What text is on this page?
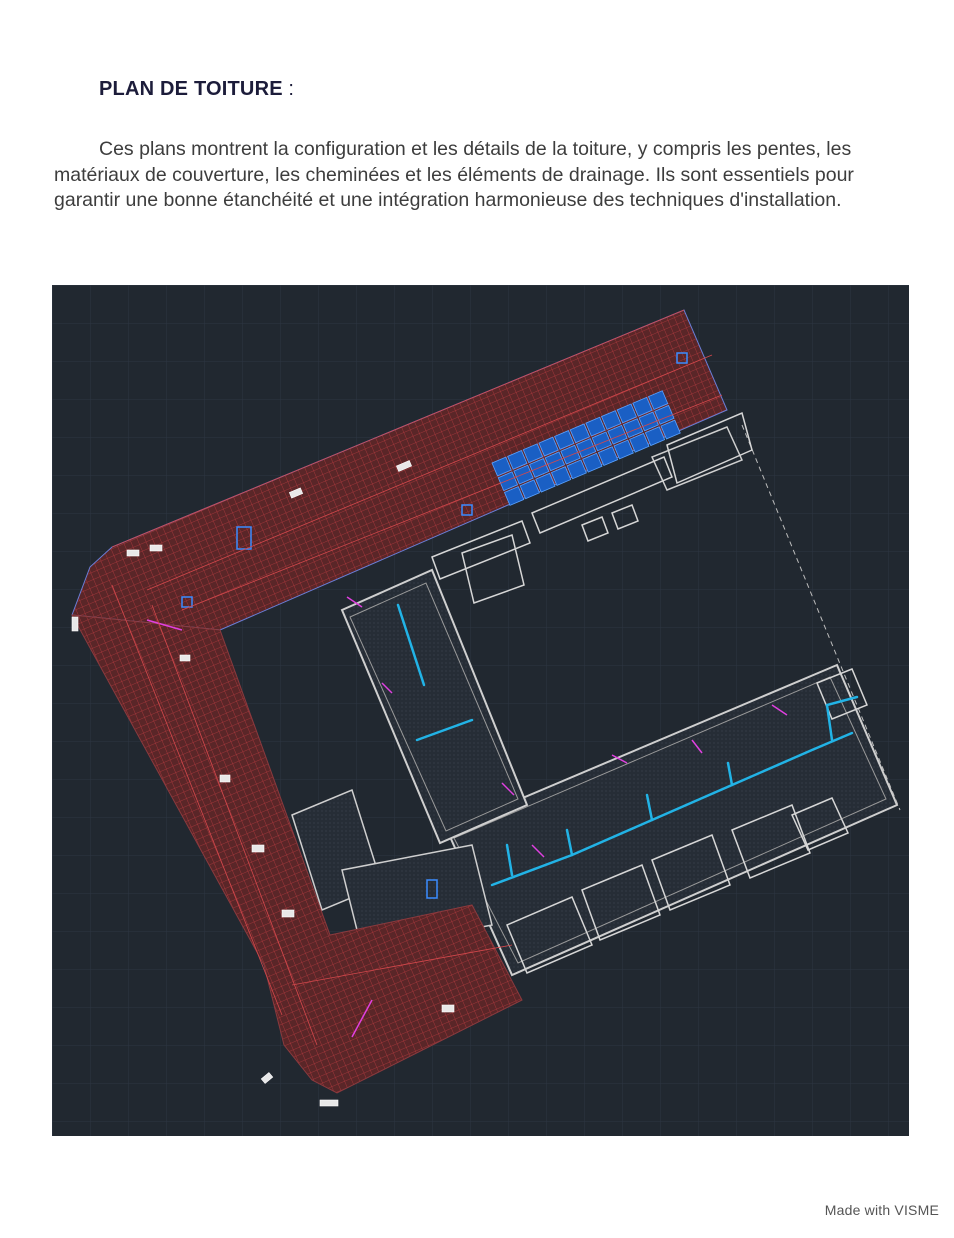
PLAN DE TOITURE :

Ces plans montrent la configuration et les détails de la toiture, y compris les pentes, les matériaux de couverture, les cheminées et les éléments de drainage. Ils sont essentiels pour garantir une bonne étanchéité et une intégration harmonieuse des techniques d'installation.

Made with VISME
